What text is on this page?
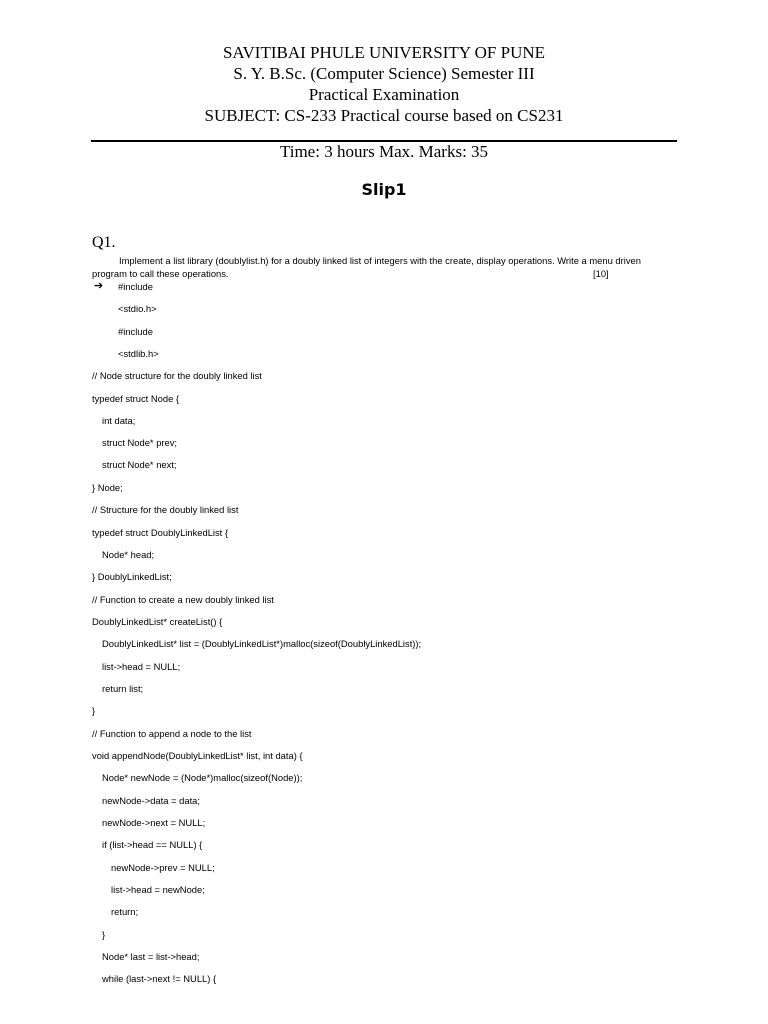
SAVITIBAI PHULE UNIVERSITY OF PUNE
S. Y. B.Sc. (Computer Science) Semester III
Practical Examination
SUBJECT: CS-233 Practical course based on CS231
Time: 3 hours Max. Marks: 35
Slip1
Q1.
Implement a list library (doublylist.h) for a doubly linked list of integers with the create, display operations. Write a menu driven
program to call these operations.	[10]
➔ #include
<stdio.h>
#include
<stdlib.h>
// Node structure for the doubly linked list
typedef struct Node {
int data;
struct Node* prev;
struct Node* next;
} Node;
// Structure for the doubly linked list
typedef struct DoublyLinkedList {
Node* head;
} DoublyLinkedList;
// Function to create a new doubly linked list
DoublyLinkedList* createList() {
DoublyLinkedList* list = (DoublyLinkedList*)malloc(sizeof(DoublyLinkedList));
list->head = NULL;
return list;
}
// Function to append a node to the list
void appendNode(DoublyLinkedList* list, int data) {
Node* newNode = (Node*)malloc(sizeof(Node));
newNode->data = data;
newNode->next = NULL;
if (list->head == NULL) {
newNode->prev = NULL;
list->head = newNode;
return;
}
Node* last = list->head;
while (last->next != NULL) {
